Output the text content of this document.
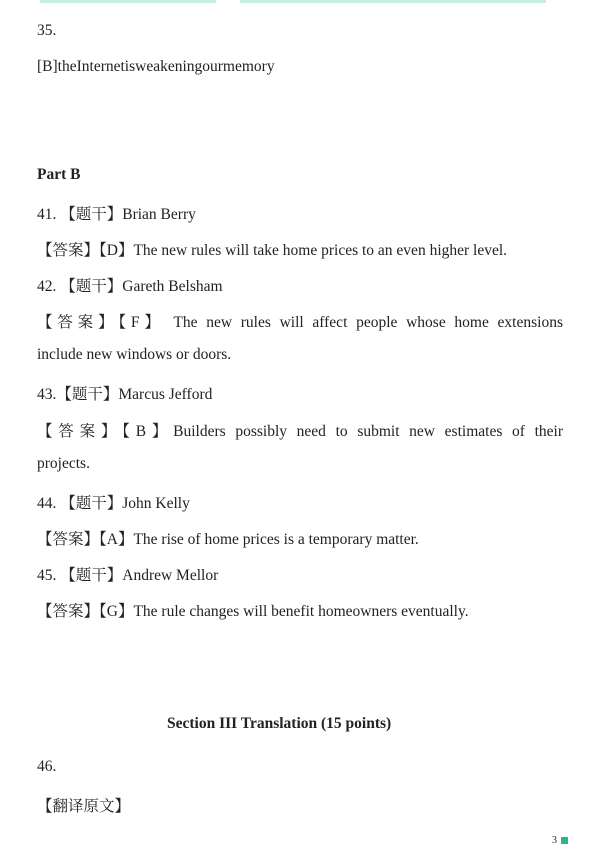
35.
[B]theInternetisweakeningourmemory
Part B
41. 【题干】Brian Berry
【答案】【D】The new rules will take home prices to an even higher level.
42. 【题干】Gareth Belsham
【答案】【F】 The new rules will affect people whose home extensions
include new windows or doors.
43.【题干】Marcus Jefford
【答案】【B】Builders possibly need to submit new estimates of their
projects.
44. 【题干】John Kelly
【答案】【A】The rise of home prices is a temporary matter.
45. 【题干】Andrew Mellor
【答案】【G】The rule changes will benefit homeowners eventually.
Section III Translation (15 points)
46.
【翻译原文】
3
